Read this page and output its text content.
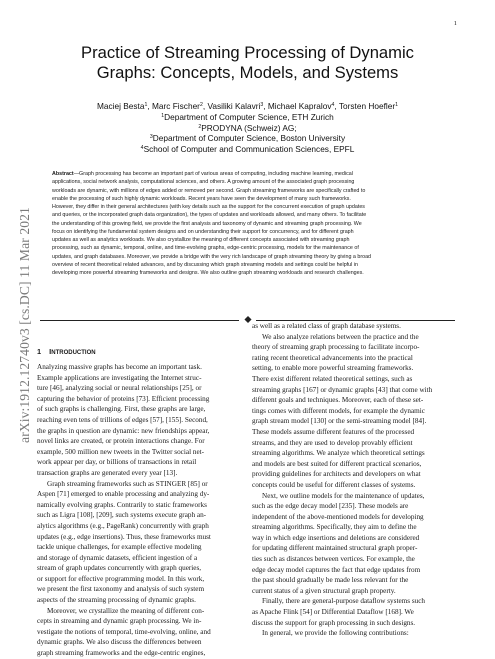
1
arXiv:1912.12740v3 [cs.DC] 11 Mar 2021
Practice of Streaming Processing of Dynamic
Graphs: Concepts, Models, and Systems
Maciej Besta$^1$, Marc Fischer$^2$, Vasiliki Kalavri$^3$, Michael Kapralov$^4$, Torsten Hoefler$^1$
$^1$Department of Computer Science, ETH Zurich
$^2$PRODYNA (Schweiz) AG;
$^3$Department of Computer Science, Boston University
$^4$School of Computer and Communication Sciences, EPFL
Abstract—Graph processing has become an important part of various areas of computing, including machine learning, medical
applications, social network analysis, computational sciences, and others. A growing amount of the associated graph processing
workloads are dynamic, with millions of edges added or removed per second. Graph streaming frameworks are specifically crafted to
enable the processing of such highly dynamic workloads. Recent years have seen the development of many such frameworks.
However, they differ in their general architectures (with key details such as the support for the concurrent execution of graph updates
and queries, or the incorporated graph data organization), the types of updates and workloads allowed, and many others. To facilitate
the understanding of this growing field, we provide the first analysis and taxonomy of dynamic and streaming graph processing. We
focus on identifying the fundamental system designs and on understanding their support for concurrency, and for different graph
updates as well as analytics workloads. We also crystallize the meaning of different concepts associated with streaming graph
processing, such as dynamic, temporal, online, and time-evolving graphs, edge-centric processing, models for the maintenance of
updates, and graph databases. Moreover, we provide a bridge with the very rich landscape of graph streaming theory by giving a broad
overview of recent theoretical related advances, and by discussing which graph streaming models and settings could be helpful in
developing more powerful streaming frameworks and designs. We also outline graph streaming workloads and research challenges.
1 INTRODUCTION
Analyzing massive graphs has become an important task.
Example applications are investigating the Internet struc-
ture [46], analyzing social or neural relationships [25], or
capturing the behavior of proteins [73]. Efficient processing
of such graphs is challenging. First, these graphs are large,
reaching even tens of trillions of edges [57], [155]. Second,
the graphs in question are dynamic: new friendships appear,
novel links are created, or protein interactions change. For
example, 500 million new tweets in the Twitter social net-
work appear per day, or billions of transactions in retail
transaction graphs are generated every year [13].
Graph streaming frameworks such as STINGER [85] or
Aspen [71] emerged to enable processing and analyzing dy-
namically evolving graphs. Contrarily to static frameworks
such as Ligra [108], [209], such systems execute graph an-
alytics algorithms (e.g., PageRank) concurrently with graph
updates (e.g., edge insertions). Thus, these frameworks must
tackle unique challenges, for example effective modeling
and storage of dynamic datasets, efficient ingestion of a
stream of graph updates concurrently with graph queries,
or support for effective programming model. In this work,
we present the first taxonomy and analysis of such system
aspects of the streaming processing of dynamic graphs.
Moreover, we crystallize the meaning of different con-
cepts in streaming and dynamic graph processing. We in-
vestigate the notions of temporal, time-evolving, online, and
dynamic graphs. We also discuss the differences between
graph streaming frameworks and the edge-centric engines,
as well as a related class of graph database systems.
We also analyze relations between the practice and the
theory of streaming graph processing to facilitate incorpo-
rating recent theoretical advancements into the practical
setting, to enable more powerful streaming frameworks.
There exist different related theoretical settings, such as
streaming graphs [167] or dynamic graphs [43] that come with
different goals and techniques. Moreover, each of these set-
tings comes with different models, for example the dynamic
graph stream model [130] or the semi-streaming model [84].
These models assume different features of the processed
streams, and they are used to develop provably efficient
streaming algorithms. We analyze which theoretical settings
and models are best suited for different practical scenarios,
providing guidelines for architects and developers on what
concepts could be useful for different classes of systems.
Next, we outline models for the maintenance of updates,
such as the edge decay model [235]. These models are
independent of the above-mentioned models for developing
streaming algorithms. Specifically, they aim to define the
way in which edge insertions and deletions are considered
for updating different maintained structural graph proper-
ties such as distances between vertices. For example, the
edge decay model captures the fact that edge updates from
the past should gradually be made less relevant for the
current status of a given structural graph property.
Finally, there are general-purpose dataflow systems such
as Apache Flink [54] or Differential Dataflow [168]. We
discuss the support for graph processing in such designs.
In general, we provide the following contributions:
